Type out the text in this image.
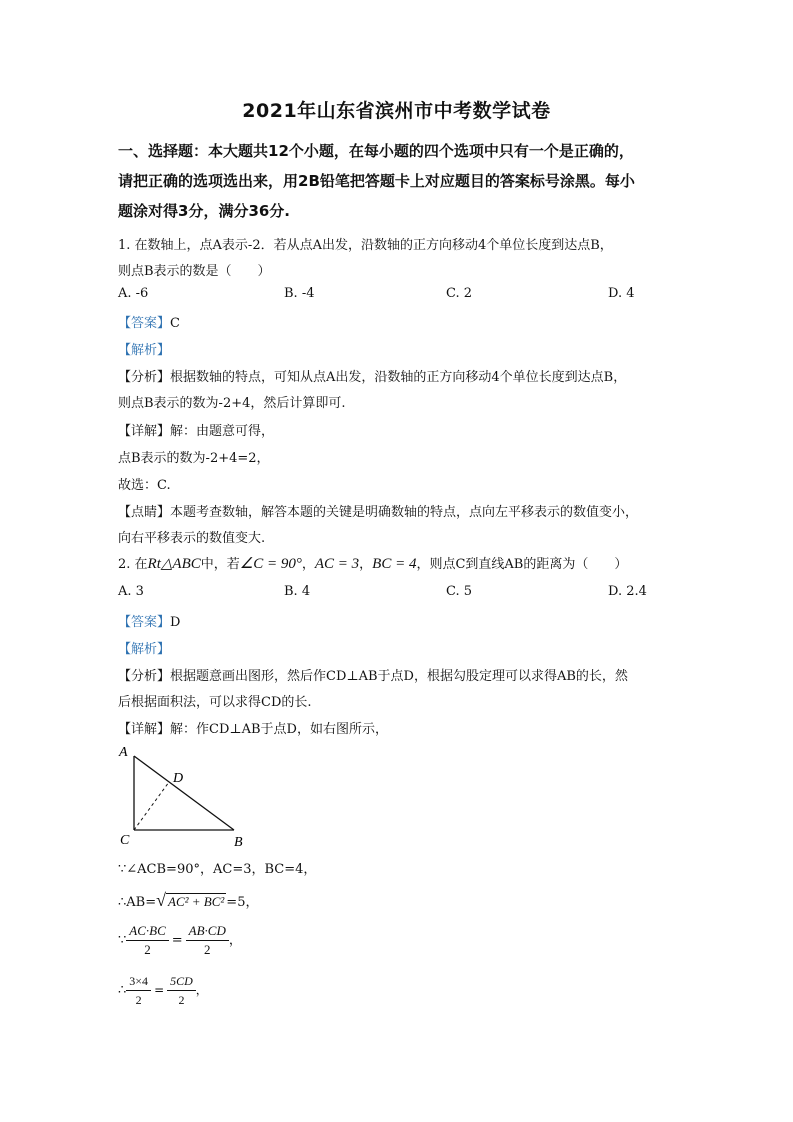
2021年山东省滨州市中考数学试卷
一、选择题：本大题共12个小题，在每小题的四个选项中只有一个是正确的，
请把正确的选项选出来，用2B铅笔把答题卡上对应题目的答案标号涂黑。每小
题涂对得3分，满分36分.
1. 在数轴上，点A表示-2．若从点A出发，沿数轴的正方向移动4个单位长度到达点B，
则点B表示的数是（　　）
A. -6	B. -4	C. 2	D. 4
【答案】C
【解析】
【分析】根据数轴的特点，可知从点A出发，沿数轴的正方向移动4个单位长度到达点B，
则点B表示的数为-2+4，然后计算即可.
【详解】解：由题意可得，
点B表示的数为-2+4=2，
故选：C.
【点睛】本题考查数轴，解答本题的关键是明确数轴的特点，点向左平移表示的数值变小，
向右平移表示的数值变大.
2. 在Rt△ABC中，若∠C = 90°，AC = 3，BC = 4，则点C到直线AB的距离为（　　）
A. 3	B. 4	C. 5	D. 2.4
【答案】D
【解析】
【分析】根据题意画出图形，然后作CD⊥AB于点D，根据勾股定理可以求得AB的长，然
后根据面积法，可以求得CD的长.
【详解】解：作CD⊥AB于点D，如右图所示，
A
D
C	B
∵∠ACB=90°，AC=3，BC=4，
∴AB=√ AC² + BC² =5，
∵ $\frac{AC\cdot BC}{2} = \frac{AB\cdot CD}{2}$ ，
∴ $\frac{3\times 4}{2} = \frac{5CD}{2}$ ，
